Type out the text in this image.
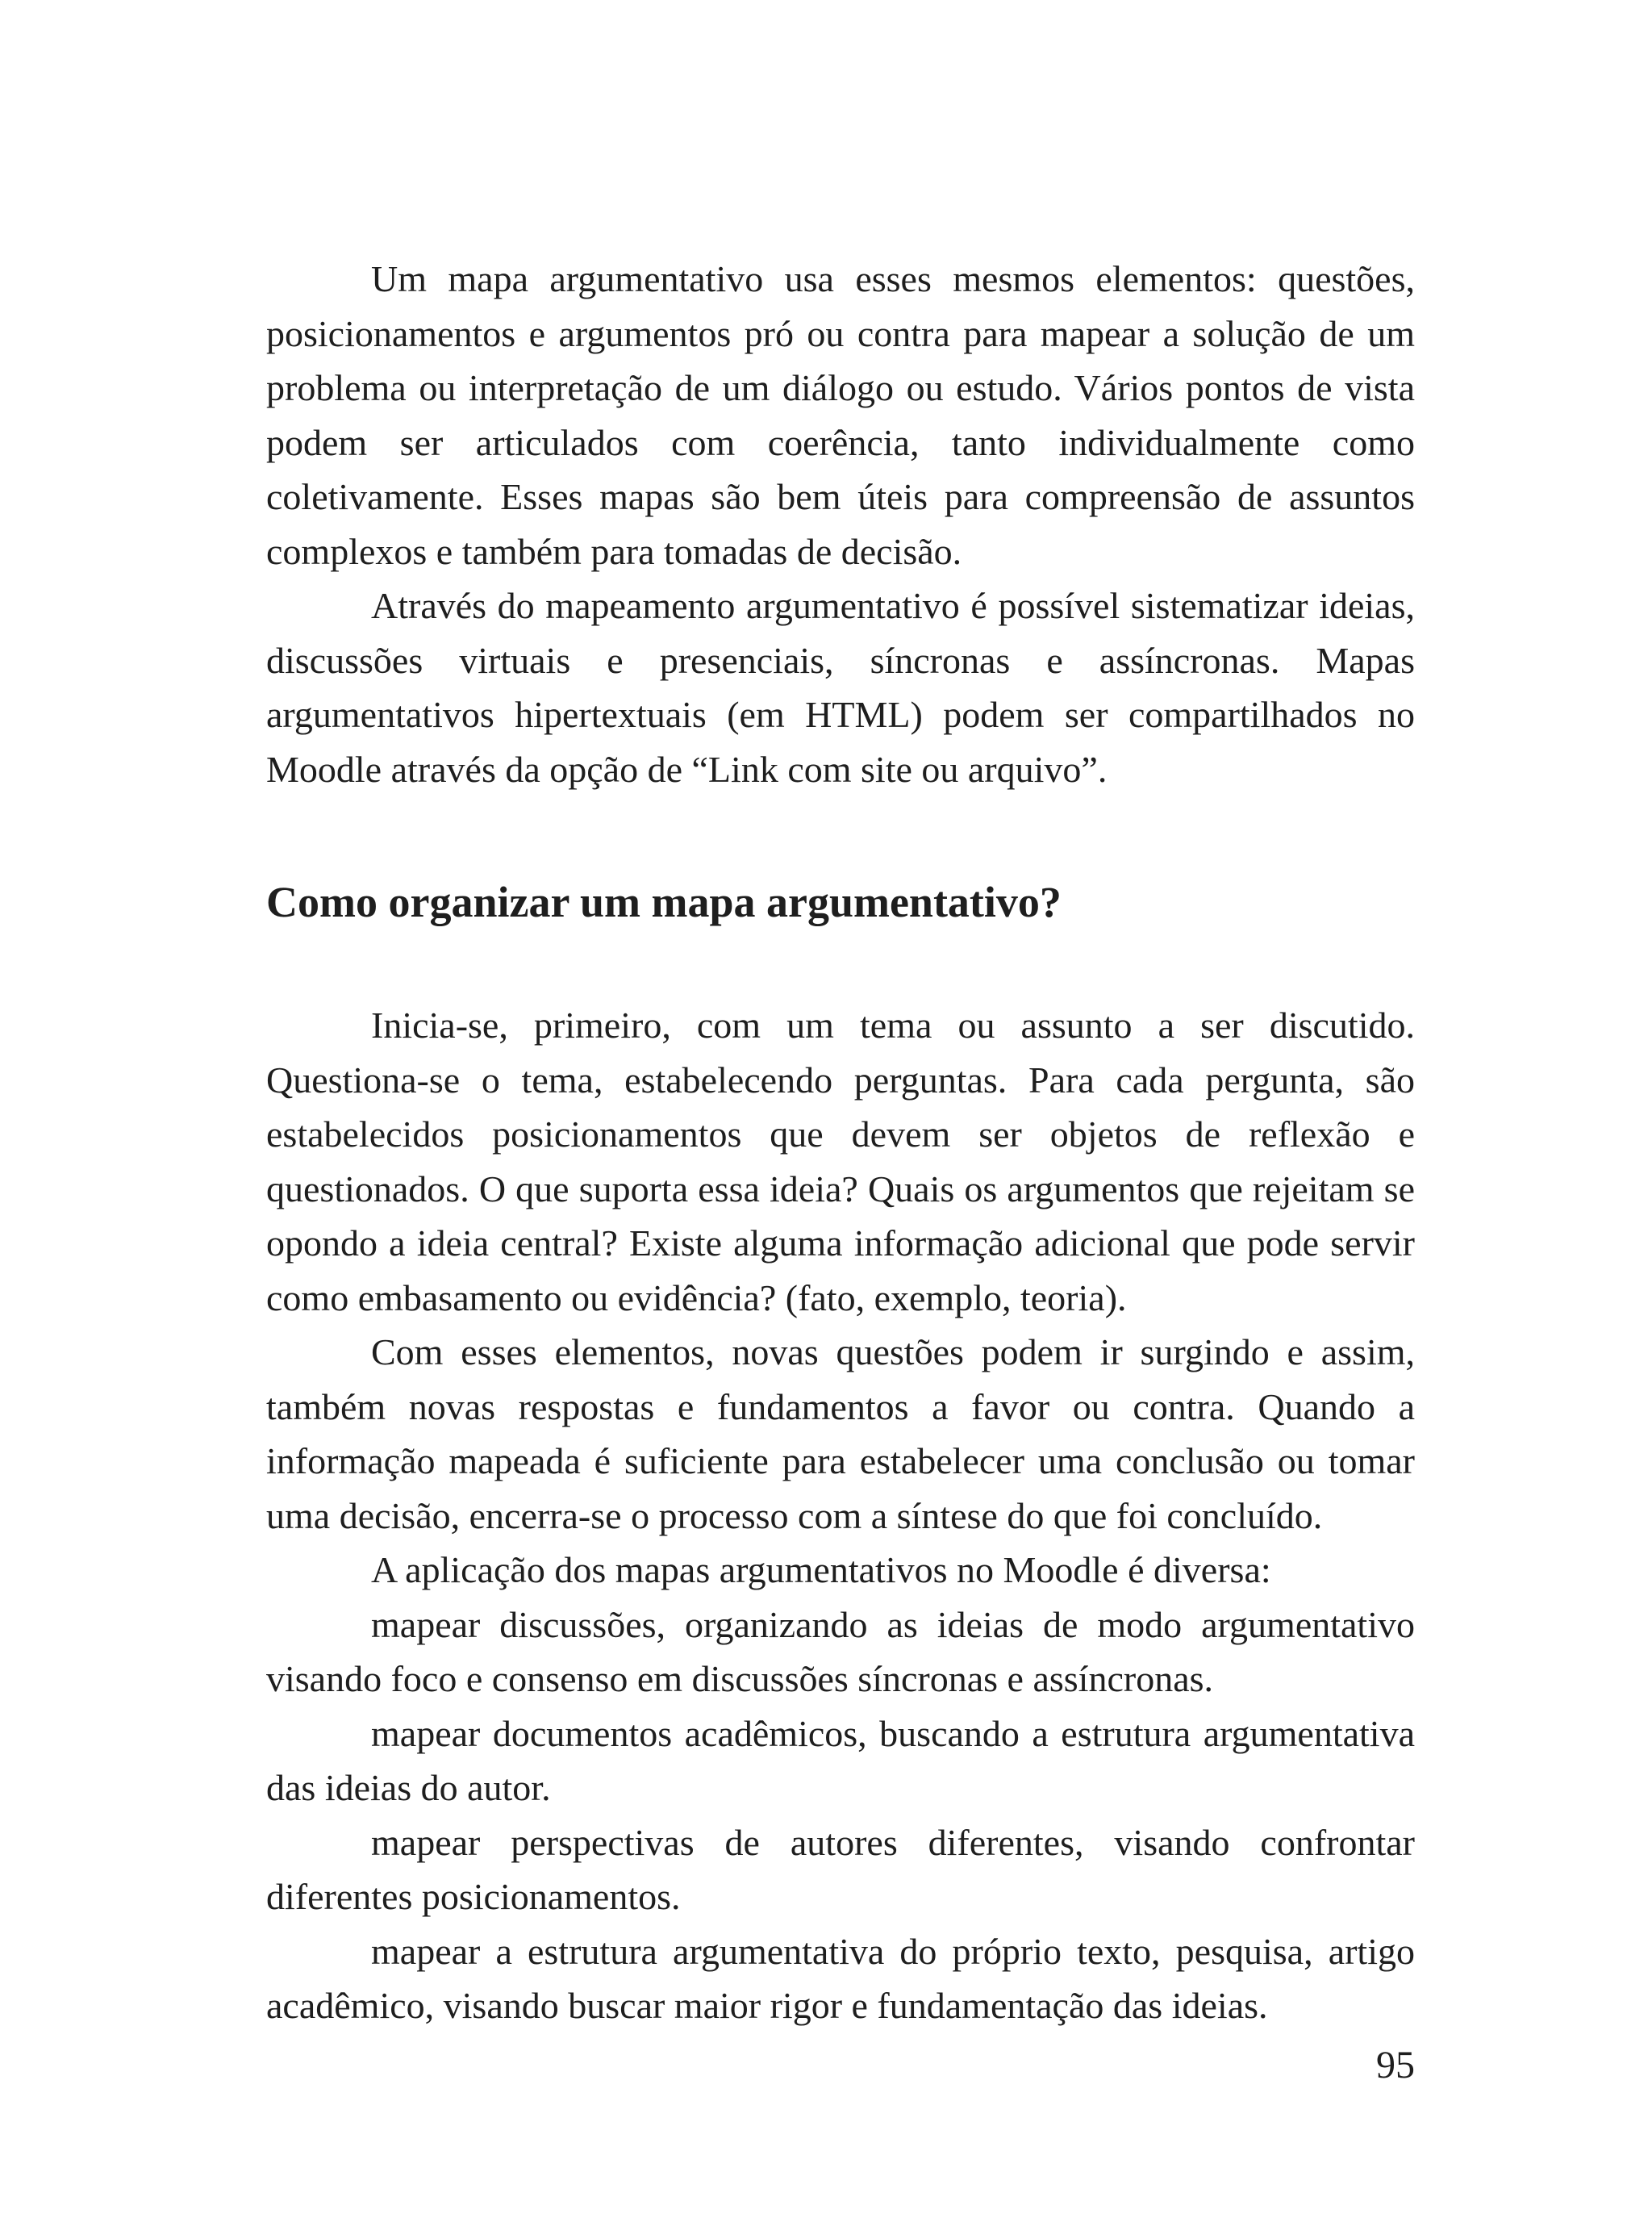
Um mapa argumentativo usa esses mesmos elementos: questões, posicionamentos e argumentos pró ou contra para mapear a solução de um problema ou interpretação de um diálogo ou estudo. Vários pontos de vista podem ser articulados com coerência, tanto individualmente como coletivamente. Esses mapas são bem úteis para compreensão de assuntos complexos e também para tomadas de decisão.

Através do mapeamento argumentativo é possível sistematizar ideias, discussões virtuais e presenciais, síncronas e assíncronas. Mapas argumentativos hipertextuais (em HTML) podem ser compartilhados no Moodle através da opção de “Link com site ou arquivo”.

Como organizar um mapa argumentativo?

Inicia-se, primeiro, com um tema ou assunto a ser discutido. Questiona-se o tema, estabelecendo perguntas. Para cada pergunta, são estabelecidos posicionamentos que devem ser objetos de reflexão e questionados. O que suporta essa ideia? Quais os argumentos que rejeitam se opondo a ideia central? Existe alguma informação adicional que pode servir como embasamento ou evidência? (fato, exemplo, teoria).

Com esses elementos, novas questões podem ir surgindo e assim, também novas respostas e fundamentos a favor ou contra. Quando a informação mapeada é suficiente para estabelecer uma conclusão ou tomar uma decisão, encerra-se o processo com a síntese do que foi concluído.

A aplicação dos mapas argumentativos no Moodle é diversa:

mapear discussões, organizando as ideias de modo argumentativo visando foco e consenso em discussões síncronas e assíncronas.

mapear documentos acadêmicos, buscando a estrutura argumentativa das ideias do autor.

mapear perspectivas de autores diferentes, visando confrontar diferentes posicionamentos.

mapear a estrutura argumentativa do próprio texto, pesquisa, artigo acadêmico, visando buscar maior rigor e fundamentação das ideias.

95
